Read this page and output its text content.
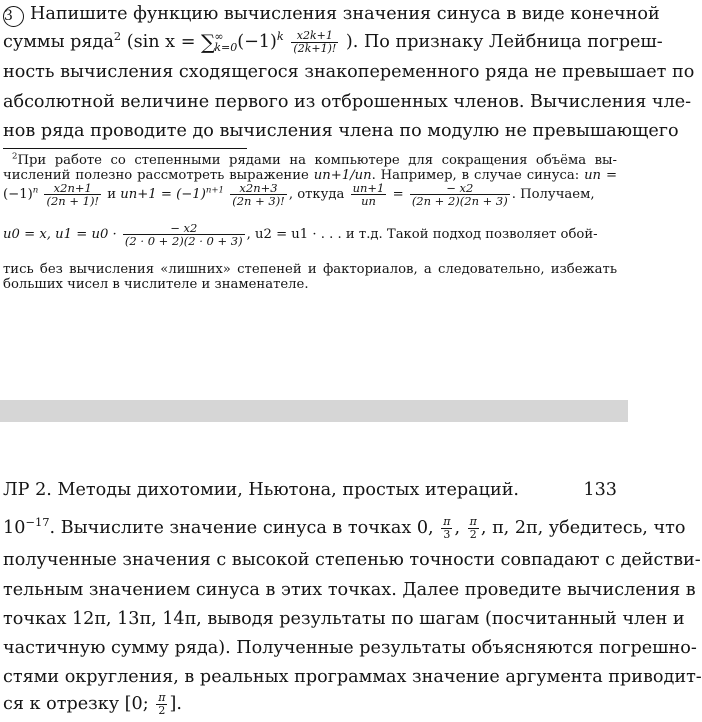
3 Напишите функцию вычисления значения синуса в виде конечной
суммы ряда$^2$ (sin x = ∑ ∞
k=0 $(-1)^k \frac{x2k+1}{(2k+1)!}$ ). По признаку Лейбница погреш-
ность вычисления сходящегося знакопеременного ряда не превышает по
абсолютной величине первого из отброшенных членов. Вычисления чле-
нов ряда проводите до вычисления члена по модулю не превышающего
$^2$При работе со степенными рядами на компьютере для сокращения объёма вы-
числений полезно рассмотреть выражение un+1/un. Например, в случае синуса: un =
$(-1)^n \frac{x2n+1}{(2n + 1)!}$ и $un+1 = (-1)^{n+1} \frac{x2n+3}{(2n + 3)!}$ , откуда $\frac{un+1}{un} = \frac{- x2}{(2n + 2)(2n + 3)}$ . Получаем,
u0 = x, $u1 = u0 \cdot \frac{- x2}{(2 \cdot 0 + 2)(2 \cdot 0 + 3)}$ , u2 = u1 · . . . и т.д. Такой подход позволяет обой-
тись без вычисления «лишних» степеней и факториалов, а следовательно, избежать
больших чисел в числителе и знаменателе.
ЛР 2. Методы дихотомии, Ньютона, простых итераций.	133
$10^{-17}$. Вычислите значение синуса в точках 0, $\frac{\pi}{3}$ , $\frac{\pi}{2}$ , π, 2π, убедитесь, что
полученные значения с высокой степенью точности совпадают с действи-
тельным значением синуса в этих точках. Далее проведите вычисления в
точках 12π, 13π, 14π, выводя результаты по шагам (посчитанный член и
частичную сумму ряда). Полученные результаты объясняются погрешно-
стями округления, в реальных программах значение аргумента приводит-
ся к отрезку [0; $\frac{\pi}{2}$ ].
